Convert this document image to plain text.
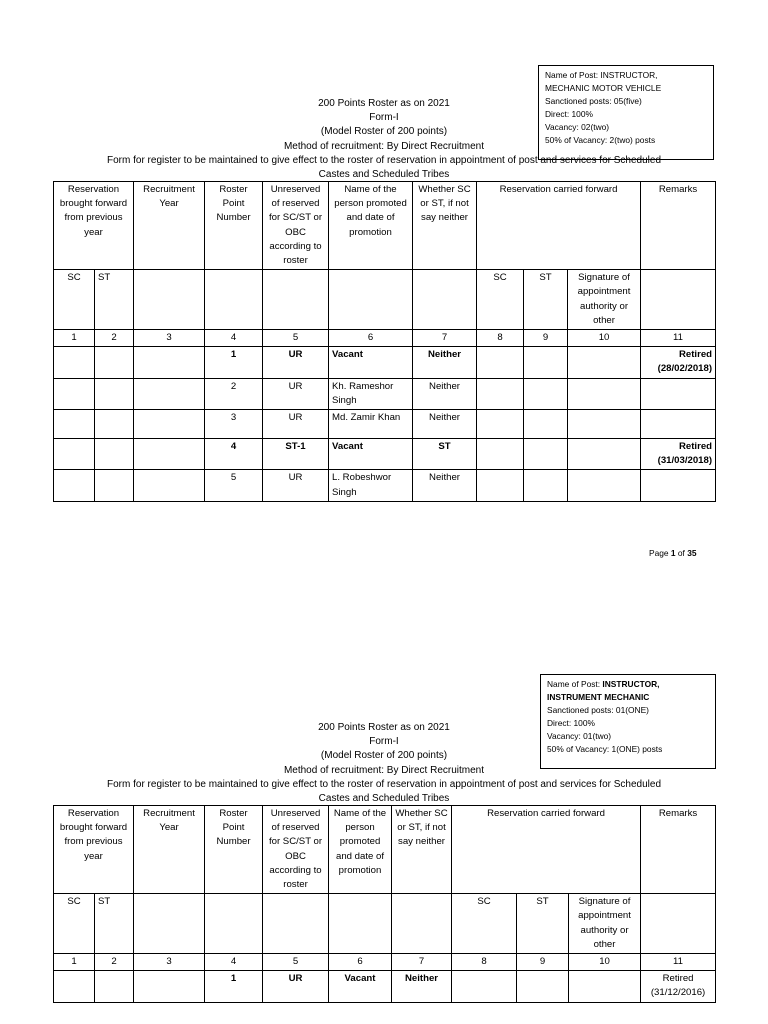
Name of Post: INSTRUCTOR,
MECHANIC MOTOR VEHICLE
Sanctioned posts: 05(five)
Direct: 100%
Vacancy: 02(two)
50% of Vacancy: 2(two) posts
200 Points Roster as on 2021
Form-I
(Model Roster of 200 points)
Method of recruitment: By Direct Recruitment
Form for register to be maintained to give effect to the roster of reservation in appointment of post and services for Scheduled
Castes and Scheduled Tribes
Reservation brought forward from previous year		Recruitment Year	Roster Point Number	Unreserved of reserved for SC/ST or OBC according to roster	Name of the person promoted and date of promotion	Whether SC or ST, if not say neither	Reservation carried forward			Remarks
SC	ST						SC	ST	Signature of appointment authority or other	
1	2	3	4	5	6	7	8	9	10	11
			1	UR	Vacant	Neither				Retired (28/02/2018)
			2	UR	Kh. Rameshor Singh	Neither				
			3	UR	Md. Zamir Khan	Neither				
			4	ST-1	Vacant	ST				Retired (31/03/2018)
			5	UR	L. Robeshwor Singh	Neither				
Page 1 of 35
Name of Post: INSTRUCTOR,
INSTRUMENT MECHANIC
Sanctioned posts: 01(ONE)
Direct: 100%
Vacancy: 01(two)
50% of Vacancy: 1(ONE) posts
200 Points Roster as on 2021
Form-I
(Model Roster of 200 points)
Method of recruitment: By Direct Recruitment
Form for register to be maintained to give effect to the roster of reservation in appointment of post and services for Scheduled
Castes and Scheduled Tribes
Reservation brought forward from previous year		Recruitment Year	Roster Point Number	Unreserved of reserved for SC/ST or OBC according to roster	Name of the person promoted and date of promotion	Whether SC or ST, if not say neither	Reservation carried forward			Remarks
SC	ST						SC	ST	Signature of appointment authority or other	
1	2	3	4	5	6	7	8	9	10	11
			1	UR	Vacant	Neither				Retired (31/12/2016)
